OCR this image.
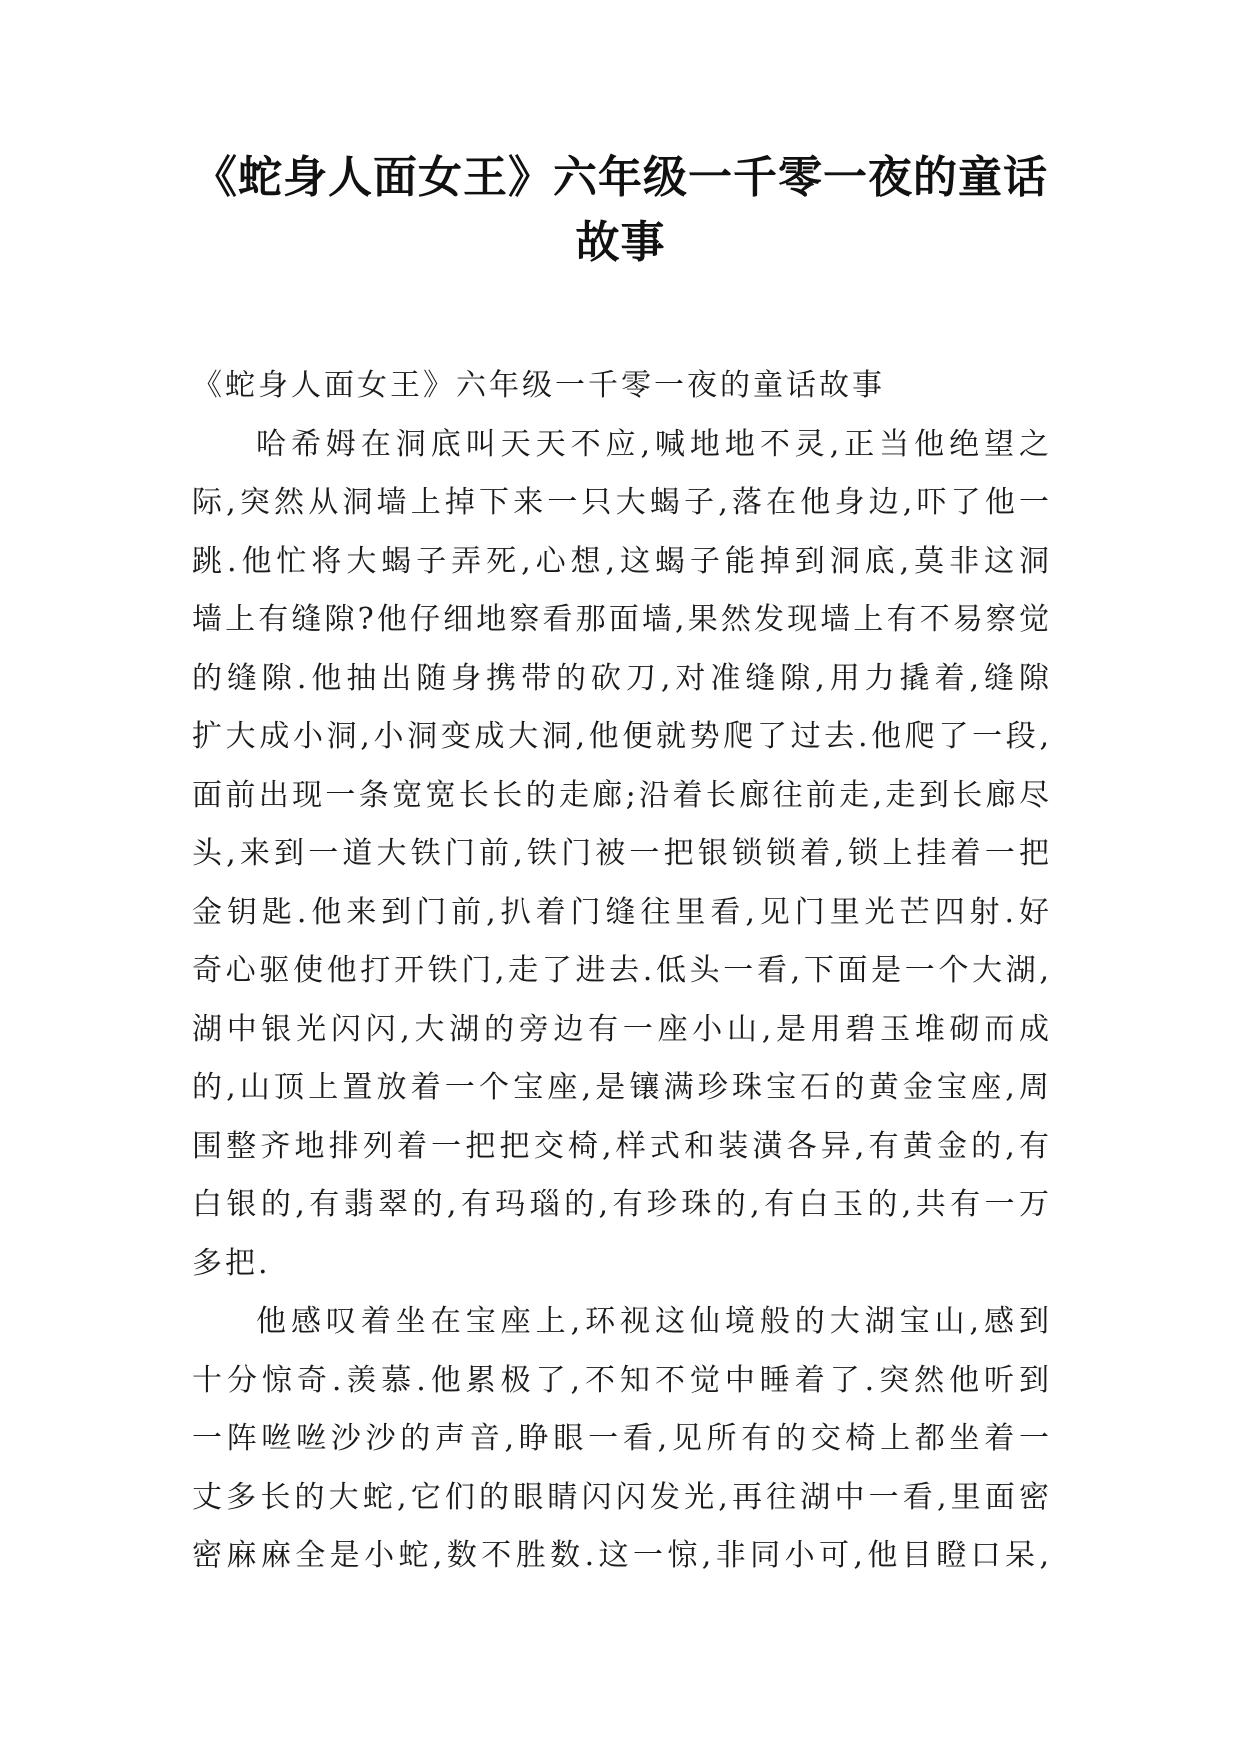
《蛇身人面女王》六年级一千零一夜的童话
故事
《蛇身人面女王》六年级一千零一夜的童话故事
哈希姆在洞底叫天天不应,喊地地不灵,正当他绝望之
际,突然从洞墙上掉下来一只大蝎子,落在他身边,吓了他一
跳.他忙将大蝎子弄死,心想,这蝎子能掉到洞底,莫非这洞
墙上有缝隙?他仔细地察看那面墙,果然发现墙上有不易察觉
的缝隙.他抽出随身携带的砍刀,对准缝隙,用力撬着,缝隙
扩大成小洞,小洞变成大洞,他便就势爬了过去.他爬了一段,
面前出现一条宽宽长长的走廊;沿着长廊往前走,走到长廊尽
头,来到一道大铁门前,铁门被一把银锁锁着,锁上挂着一把
金钥匙.他来到门前,扒着门缝往里看,见门里光芒四射.好
奇心驱使他打开铁门,走了进去.低头一看,下面是一个大湖,
湖中银光闪闪,大湖的旁边有一座小山,是用碧玉堆砌而成
的,山顶上置放着一个宝座,是镶满珍珠宝石的黄金宝座,周
围整齐地排列着一把把交椅,样式和装潢各异,有黄金的,有
白银的,有翡翠的,有玛瑙的,有珍珠的,有白玉的,共有一万
多把.
他感叹着坐在宝座上,环视这仙境般的大湖宝山,感到
十分惊奇.羡慕.他累极了,不知不觉中睡着了.突然他听到
一阵咝咝沙沙的声音,睁眼一看,见所有的交椅上都坐着一
丈多长的大蛇,它们的眼睛闪闪发光,再往湖中一看,里面密
密麻麻全是小蛇,数不胜数.这一惊,非同小可,他目瞪口呆,
